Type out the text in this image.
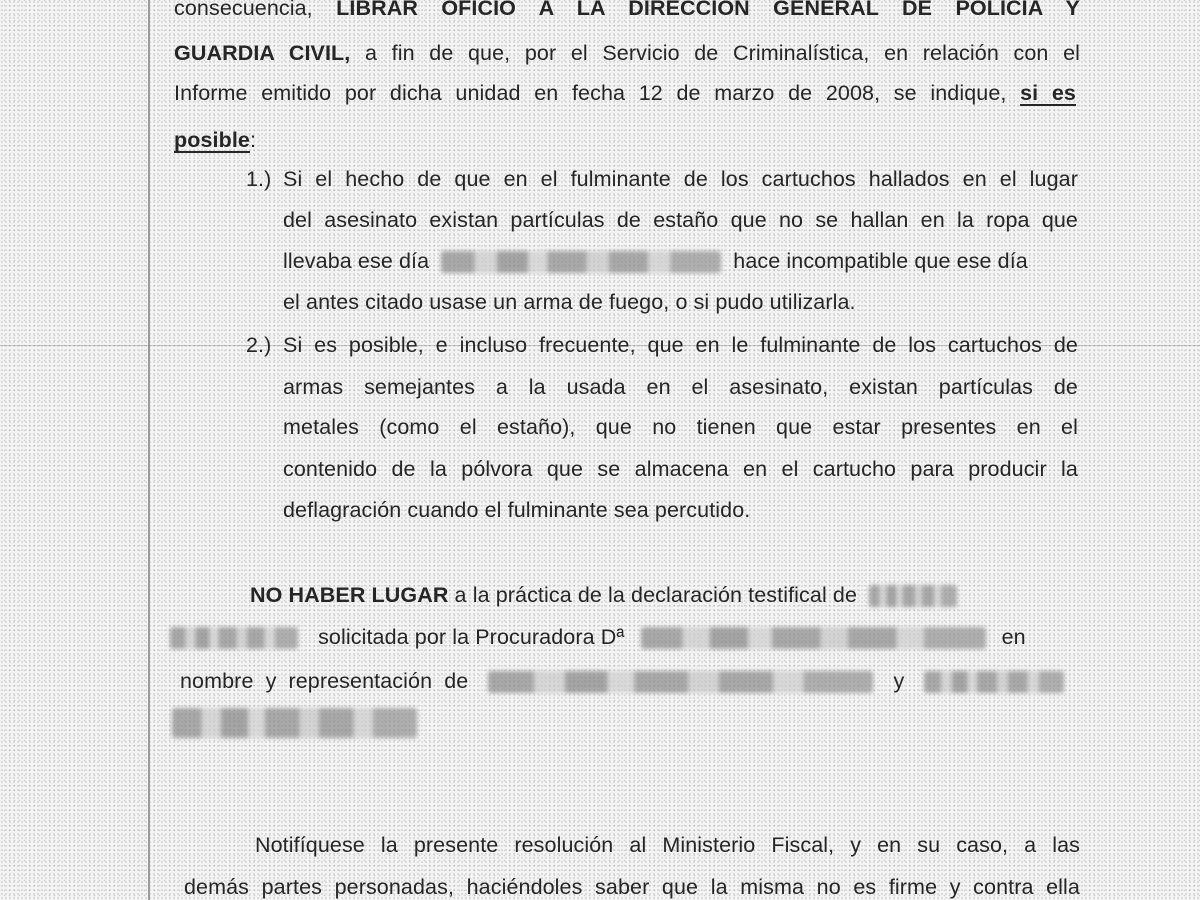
consecuencia, LIBRAR OFICIO A LA DIRECCION GENERAL DE POLICIA Y
GUARDIA CIVIL, a fin de que, por el Servicio de Criminalística, en relación con el
Informe emitido por dicha unidad en fecha 12 de marzo de 2008, se indique, si es
posible:
1.) Si el hecho de que en el fulminante de los cartuchos hallados en el lugar
del asesinato existan partículas de estaño que no se hallan en la ropa que
llevaba ese día	hace incompatible que ese día
el antes citado usase un arma de fuego, o si pudo utilizarla.
2.) Si es posible, e incluso frecuente, que en le fulminante de los cartuchos de
armas semejantes a la usada en el asesinato, existan partículas de
metales (como el estaño), que no tienen que estar presentes en el
contenido de la pólvora que se almacena en el cartucho para producir la
deflagración cuando el fulminante sea percutido.
NO HABER LUGAR a la práctica de la declaración testifical de
solicitada por la Procuradora Dª	en
nombre y representación de	y
Notifíquese la presente resolución al Ministerio Fiscal, y en su caso, a las
demás partes personadas, haciéndoles saber que la misma no es firme y contra ella
